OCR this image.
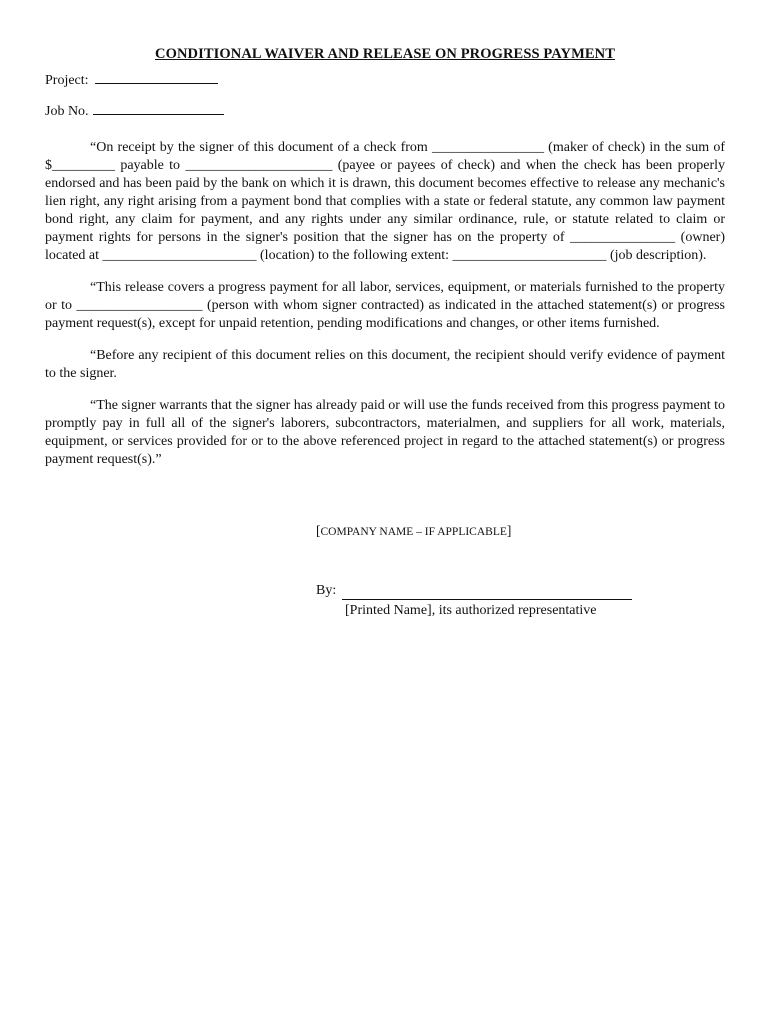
CONDITIONAL WAIVER AND RELEASE ON PROGRESS PAYMENT
Project:
Job No.

“On receipt by the signer of this document of a check from ________________ (maker of check) in the sum of $_________ payable to _____________________ (payee or payees of check) and when the check has been properly endorsed and has been paid by the bank on which it is drawn, this document becomes effective to release any mechanic's lien right, any right arising from a payment bond that complies with a state or federal statute, any common law payment bond right, any claim for payment, and any rights under any similar ordinance, rule, or statute related to claim or payment rights for persons in the signer's position that the signer has on the property of _______________ (owner) located at ______________________ (location) to the following extent: ______________________ (job description).

“This release covers a progress payment for all labor, services, equipment, or materials furnished to the property or to __________________ (person with whom signer contracted) as indicated in the attached statement(s) or progress payment request(s), except for unpaid retention, pending modifications and changes, or other items furnished.

“Before any recipient of this document relies on this document, the recipient should verify evidence of payment to the signer.

“The signer warrants that the signer has already paid or will use the funds received from this progress payment to promptly pay in full all of the signer's laborers, subcontractors, materialmen, and suppliers for all work, materials, equipment, or services provided for or to the above referenced project in regard to the attached statement(s) or progress payment request(s).”

[COMPANY NAME – IF APPLICABLE]
By:
[Printed Name], its authorized representative
